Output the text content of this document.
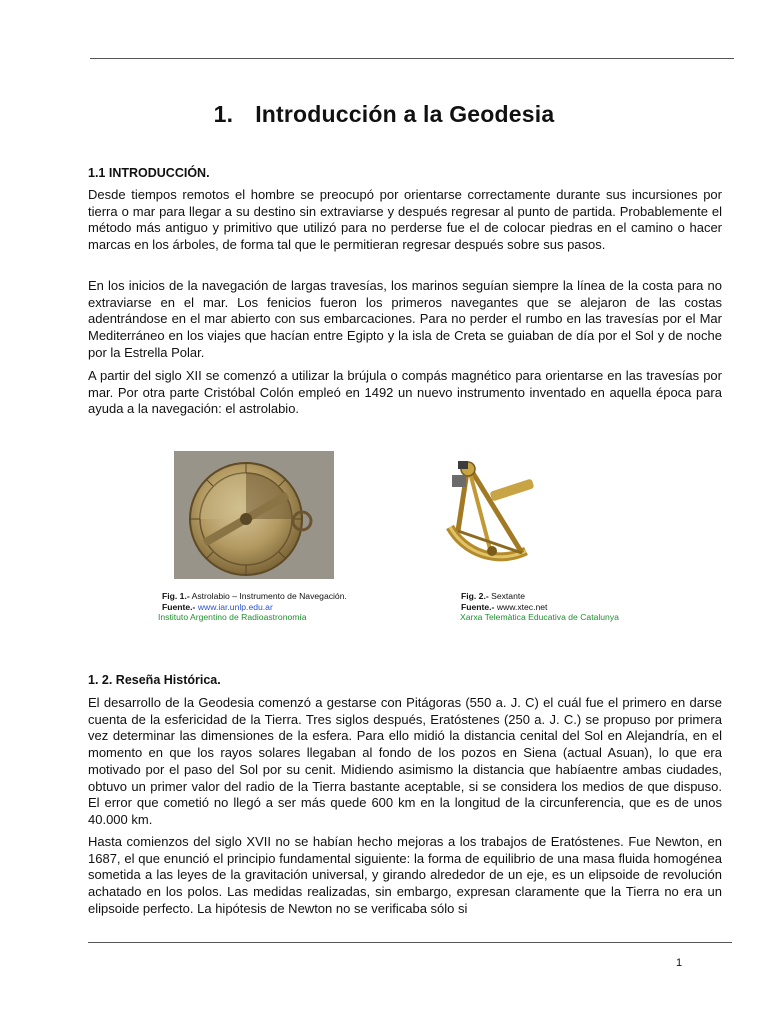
1. Introducción a la Geodesia
1.1 INTRODUCCIÓN.

Desde tiempos remotos el hombre se preocupó por orientarse correctamente durante sus incursiones por tierra o mar para llegar a su destino sin extraviarse y después regresar al punto de partida. Probablemente el método más antiguo y primitivo que utilizó para no perderse fue el de colocar piedras en el camino o hacer marcas en los árboles, de forma tal que le permitieran regresar después sobre sus pasos.

En los inicios de la navegación de largas travesías, los marinos seguían siempre la línea de la costa para no extraviarse en el mar. Los fenicios fueron los primeros navegantes que se alejaron de las costas adentrándose en el mar abierto con sus embarcaciones. Para no perder el rumbo en las travesías por el Mar Mediterráneo en los viajes que hacían entre Egipto y la isla de Creta se guiaban de día por el Sol y de noche por la Estrella Polar.

A partir del siglo XII se comenzó a utilizar la brújula o compás magnético para orientarse en las travesías por mar. Por otra parte Cristóbal Colón empleó en 1492 un nuevo instrumento inventado en aquella época para ayuda a la navegación: el astrolabio.

Fig. 1.- Astrolabio – Instrumento de Navegación.
Fuente.- www.iar.unlp.edu.ar
Instituto Argentino de Radioastronomía
Fig. 2.- Sextante
Fuente.- www.xtec.net
Xarxa Telemàtica Educativa de Catalunya
1. 2. Reseña Histórica.

El desarrollo de la Geodesia comenzó a gestarse con Pitágoras (550 a. J. C) el cuál fue el primero en darse cuenta de la esfericidad de la Tierra. Tres siglos después, Eratóstenes (250 a. J. C.) se propuso por primera vez determinar las dimensiones de la esfera. Para ello midió la distancia cenital del Sol en Alejandría, en el momento en que los rayos solares llegaban al fondo de los pozos en Siena (actual Asuan), lo que era motivado por el paso del Sol por su cenit. Midiendo asimismo la distancia que habíaentre ambas ciudades, obtuvo un primer valor del radio de la Tierra bastante aceptable, si se considera los medios de que dispuso. El error que cometió no llegó a ser más quede 600 km en la longitud de la circunferencia, que es de unos 40.000 km.

Hasta comienzos del siglo XVII no se habían hecho mejoras a los trabajos de Eratóstenes. Fue Newton, en 1687, el que enunció el principio fundamental siguiente: la forma de equilibrio de una masa fluida homogénea sometida a las leyes de la gravitación universal, y girando alrededor de un eje, es un elipsoide de revolución achatado en los polos. Las medidas realizadas, sin embargo, expresan claramente que la Tierra no era un elipsoide perfecto. La hipótesis de Newton no se verificaba sólo si

1
